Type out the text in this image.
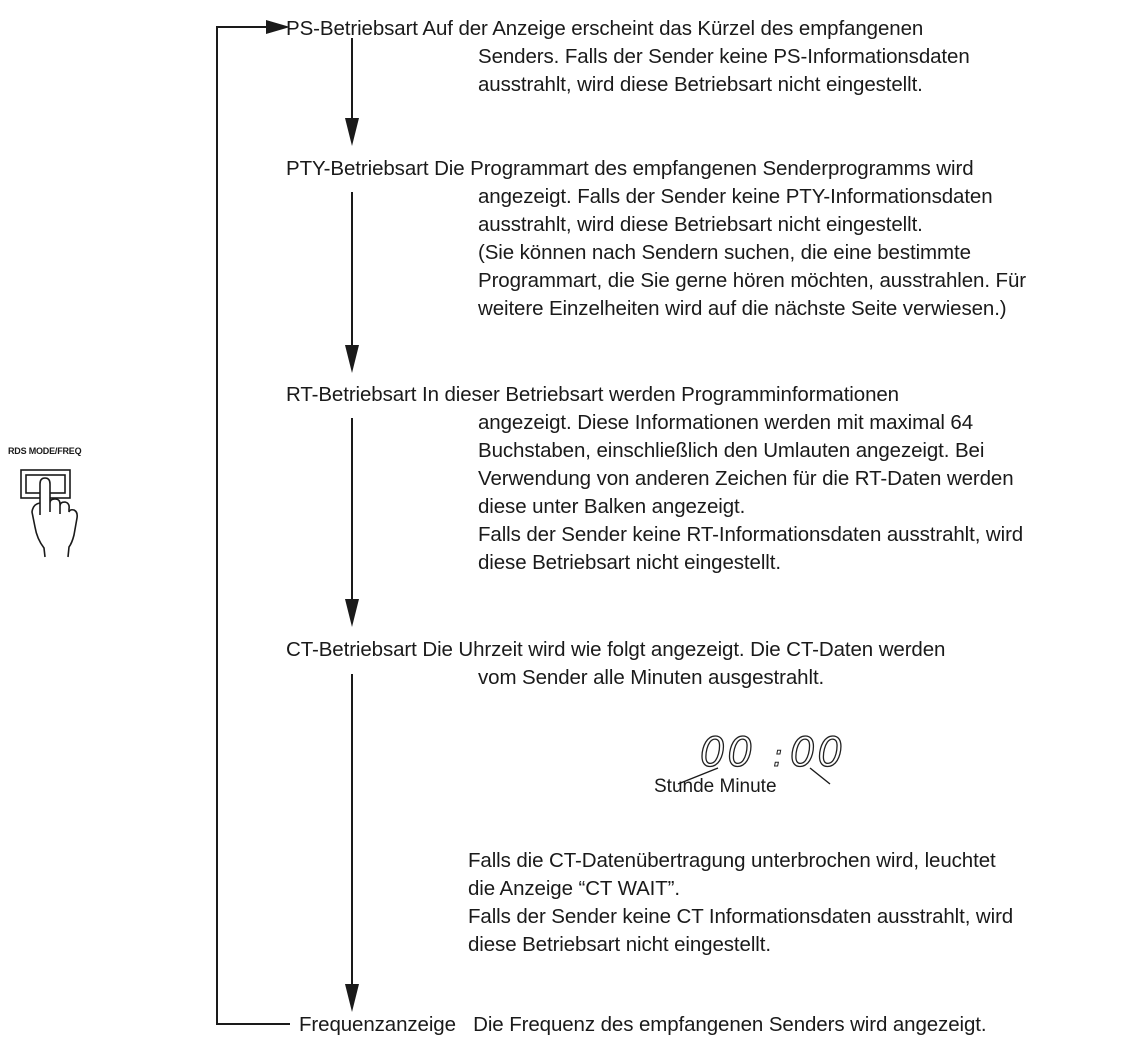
RDS MODE/FREQ
PS-Betriebsart Auf der Anzeige erscheint das Kürzel des empfangenen
Senders. Falls der Sender keine PS-Informationsdaten
ausstrahlt, wird diese Betriebsart nicht eingestellt.
PTY-Betriebsart Die Programmart des empfangenen Senderprogramms wird
angezeigt. Falls der Sender keine PTY-Informationsdaten
ausstrahlt, wird diese Betriebsart nicht eingestellt.
(Sie können nach Sendern suchen, die eine bestimmte
Programmart, die Sie gerne hören möchten, ausstrahlen. Für
weitere Einzelheiten wird auf die nächste Seite verwiesen.)
RT-Betriebsart In dieser Betriebsart werden Programminformationen
angezeigt. Diese Informationen werden mit maximal 64
Buchstaben, einschließlich den Umlauten angezeigt. Bei
Verwendung von anderen Zeichen für die RT-Daten werden
diese unter Balken angezeigt.
Falls der Sender keine RT-Informationsdaten ausstrahlt, wird
diese Betriebsart nicht eingestellt.
CT-Betriebsart Die Uhrzeit wird wie folgt angezeigt. Die CT-Daten werden
vom Sender alle Minuten ausgestrahlt.
00 : 00
Stunde Minute
Falls die CT-Datenübertragung unterbrochen wird, leuchtet
die Anzeige “CT WAIT”.
Falls der Sender keine CT Informationsdaten ausstrahlt, wird
diese Betriebsart nicht eingestellt.
Frequenzanzeige Die Frequenz des empfangenen Senders wird angezeigt.
